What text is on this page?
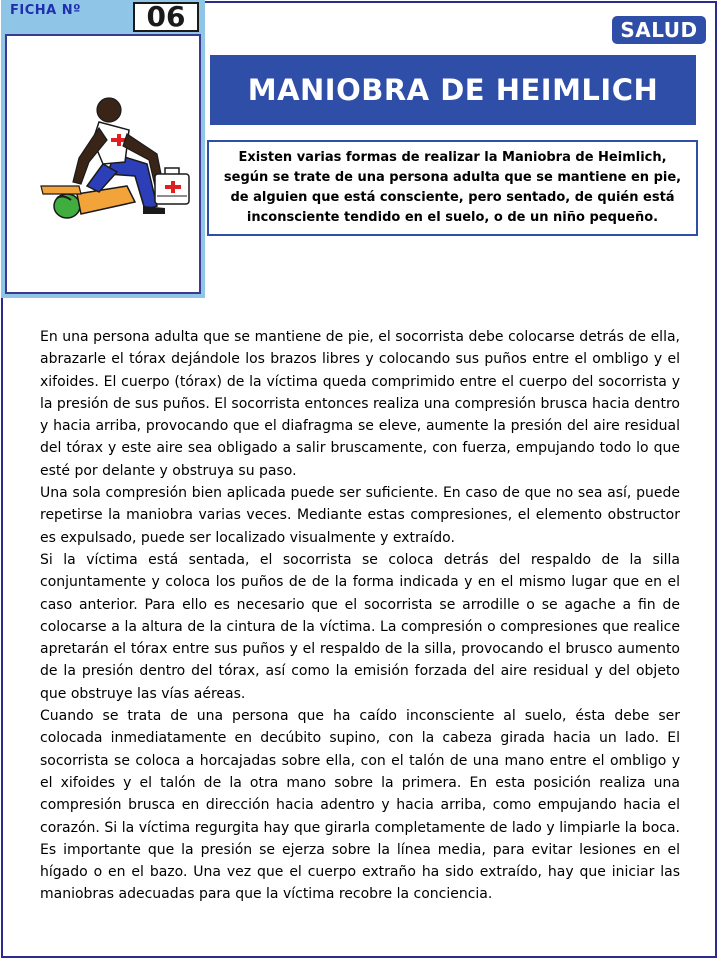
FICHA Nº	06	SALUD
MANIOBRA DE HEIMLICH
Existen varias formas de realizar la Maniobra de Heimlich, según se trate de una persona adulta que se mantiene en pie, de alguien que está consciente, pero sentado, de quién está inconsciente tendido en el suelo, o de un niño pequeño.

En una persona adulta que se mantiene de pie, el socorrista debe colocarse detrás de ella, abrazarle el tórax dejándole los brazos libres y colocando sus puños entre el ombligo y el xifoides. El cuerpo (tórax) de la víctima queda comprimido entre el cuerpo del socorrista y la presión de sus puños. El socorrista entonces realiza una compresión brusca hacia dentro y hacia arriba, provocando que el diafragma se eleve, aumente la presión del aire residual del tórax y este aire sea obligado a salir bruscamente, con fuerza, empujando todo lo que esté por delante y obstruya su paso.

Una sola compresión bien aplicada puede ser suficiente. En caso de que no sea así, puede repetirse la maniobra varias veces. Mediante estas compresiones, el elemento obstructor es expulsado, puede ser localizado visualmente y extraído.

Si la víctima está sentada, el socorrista se coloca detrás del respaldo de la silla conjuntamente y coloca los puños de de la forma indicada y en el mismo lugar que en el caso anterior. Para ello es necesario que el socorrista se arrodille o se agache a fin de colocarse a la altura de la cintura de la víctima. La compresión o compresiones que realice apretarán el tórax entre sus puños y el respaldo de la silla, provocando el brusco aumento de la presión dentro del tórax, así como la emisión forzada del aire residual y del objeto que obstruye las vías aéreas.

Cuando se trata de una persona que ha caído inconsciente al suelo, ésta debe ser colocada inmediatamente en decúbito supino, con la cabeza girada hacia un lado. El socorrista se coloca a horcajadas sobre ella, con el talón de una mano entre el ombligo y el xifoides y el talón de la otra mano sobre la primera. En esta posición realiza una compresión brusca en dirección hacia adentro y hacia arriba, como empujando hacia el corazón. Si la víctima regurgita hay que girarla completamente de lado y limpiarle la boca. Es importante que la presión se ejerza sobre la línea media, para evitar lesiones en el hígado o en el bazo. Una vez que el cuerpo extraño ha sido extraído, hay que iniciar las maniobras adecuadas para que la víctima recobre la conciencia.
